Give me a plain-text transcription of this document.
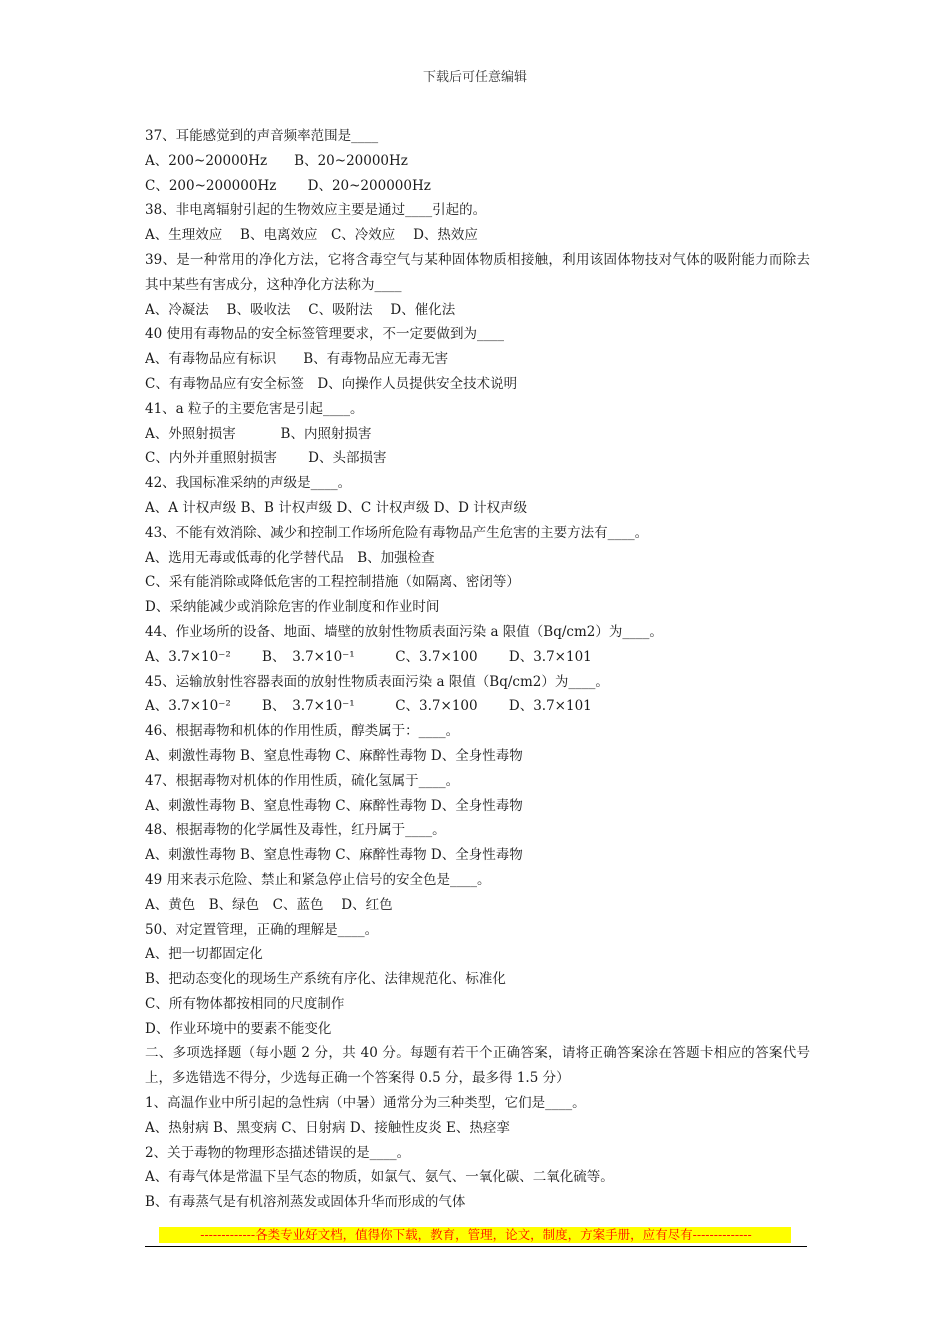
下载后可任意编辑
37、耳能感觉到的声音频率范围是____
A、200~20000Hz　　B、20~20000Hz
C、200~200000Hz　　 D、20~200000Hz
38、非电离辐射引起的生物效应主要是通过____引起的。
A、生理效应　 B、电离效应　C、冷效应　 D、热效应
39、是一种常用的净化方法，它将含毒空气与某种固体物质相接触，利用该固体物技对气体的吸附能力而除去其中某些有害成分，这种净化方法称为____
A、冷凝法　 B、吸收法　 C、吸附法　 D、催化法
40 使用有毒物品的安全标签管理要求，不一定要做到为____
A、有毒物品应有标识　　B、有毒物品应无毒无害
C、有毒物品应有安全标签　D、向操作人员提供安全技术说明
41、a 粒子的主要危害是引起____。
A、外照射损害　　　 B、内照射损害
C、内外并重照射损害　　 D、头部损害
42、我国标准采纳的声级是____。
A、A 计权声级 B、B 计权声级 D、C 计权声级 D、D 计权声级
43、不能有效消除、减少和控制工作场所危险有毒物品产生危害的主要方法有____。
A、选用无毒或低毒的化学替代品　B、加强检查
C、采有能消除或降低危害的工程控制措施（如隔离、密闭等）
D、采纳能减少或消除危害的作业制度和作业时间
44、作业场所的设备、地面、墙壁的放射性物质表面污染 a 限值（Bq/cm2）为____。
A、3.7×10⁻²　　 B、　3.7×10⁻¹　　　C、3.7×100　　 D、3.7×101
45、运输放射性容器表面的放射性物质表面污染 a 限值（Bq/cm2）为____。
A、3.7×10⁻²　　 B、　3.7×10⁻¹　　　C、3.7×100　　 D、3.7×101
46、根据毒物和机体的作用性质，醇类属于：____。
A、刺激性毒物 B、窒息性毒物 C、麻醉性毒物 D、全身性毒物
47、根据毒物对机体的作用性质，硫化氢属于____。
A、刺激性毒物 B、窒息性毒物 C、麻醉性毒物 D、全身性毒物
48、根据毒物的化学属性及毒性，红丹属于____。
A、刺激性毒物 B、窒息性毒物 C、麻醉性毒物 D、全身性毒物
49 用来表示危险、禁止和紧急停止信号的安全色是____。
A、黄色　B、绿色　C、蓝色　 D、红色
50、对定置管理，正确的理解是____。
A、把一切都固定化
B、把动态变化的现场生产系统有序化、法律规范化、标准化
C、所有物体都按相同的尺度制作
D、作业环境中的要素不能变化
二、多项选择题（每小题 2 分，共 40 分。每题有若干个正确答案，请将正确答案涂在答题卡相应的答案代号上，多选错选不得分，少选每正确一个答案得 0.5 分，最多得 1.5 分）
1、高温作业中所引起的急性病（中暑）通常分为三种类型，它们是____。
A、热射病 B、黑变病 C、日射病 D、接触性皮炎 E、热痉挛
2、关于毒物的物理形态描述错误的是____。
A、有毒气体是常温下呈气态的物质，如氯气、氨气、一氧化碳、二氧化硫等。
B、有毒蒸气是有机溶剂蒸发或固体升华而形成的气体
-------------各类专业好文档，值得你下载，教育，管理，论文，制度，方案手册，应有尽有--------------
